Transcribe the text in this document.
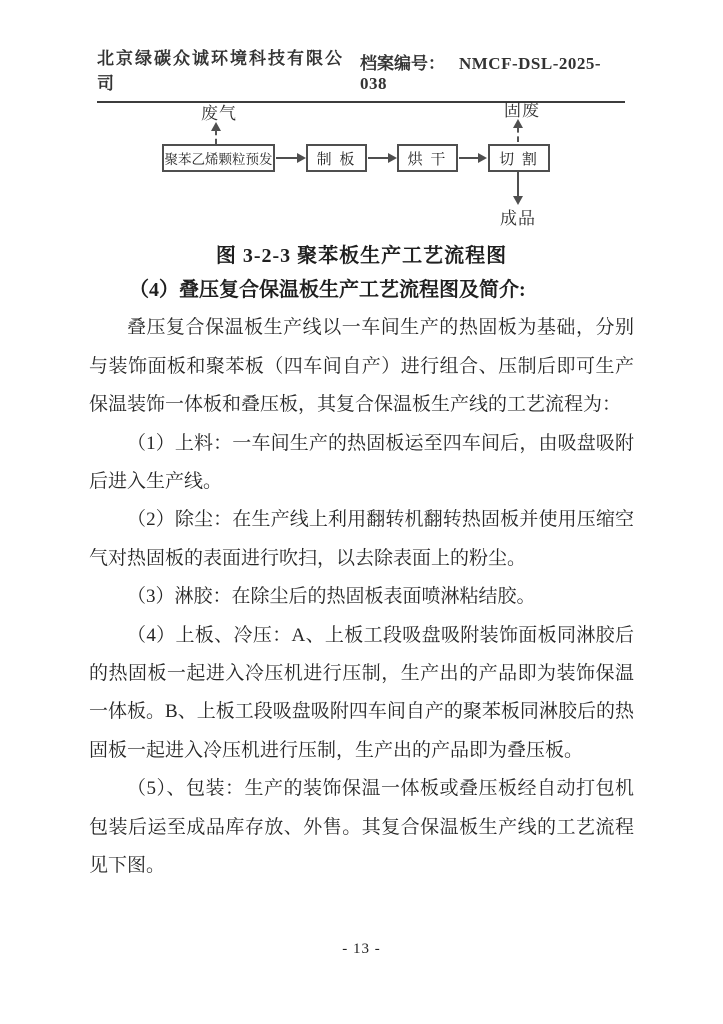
北京绿碳众诚环境科技有限公司
档案编号： NMCF-DSL-2025-038
废气
聚苯乙烯颗粒预发	制 板	烘 干	切 割
固废
成品
图 3-2-3 聚苯板生产工艺流程图

（4）叠压复合保温板生产工艺流程图及简介:

叠压复合保温板生产线以一车间生产的热固板为基础，分别与装饰面板和聚苯板（四车间自产）进行组合、压制后即可生产保温装饰一体板和叠压板，其复合保温板生产线的工艺流程为：

（1）上料：一车间生产的热固板运至四车间后，由吸盘吸附后进入生产线。

（2）除尘：在生产线上利用翻转机翻转热固板并使用压缩空气对热固板的表面进行吹扫，以去除表面上的粉尘。

（3）淋胶：在除尘后的热固板表面喷淋粘结胶。

（4）上板、冷压：A、上板工段吸盘吸附装饰面板同淋胶后的热固板一起进入冷压机进行压制，生产出的产品即为装饰保温一体板。B、上板工段吸盘吸附四车间自产的聚苯板同淋胶后的热固板一起进入冷压机进行压制，生产出的产品即为叠压板。

（5）、包装：生产的装饰保温一体板或叠压板经自动打包机包装后运至成品库存放、外售。其复合保温板生产线的工艺流程见下图。

- 13 -
